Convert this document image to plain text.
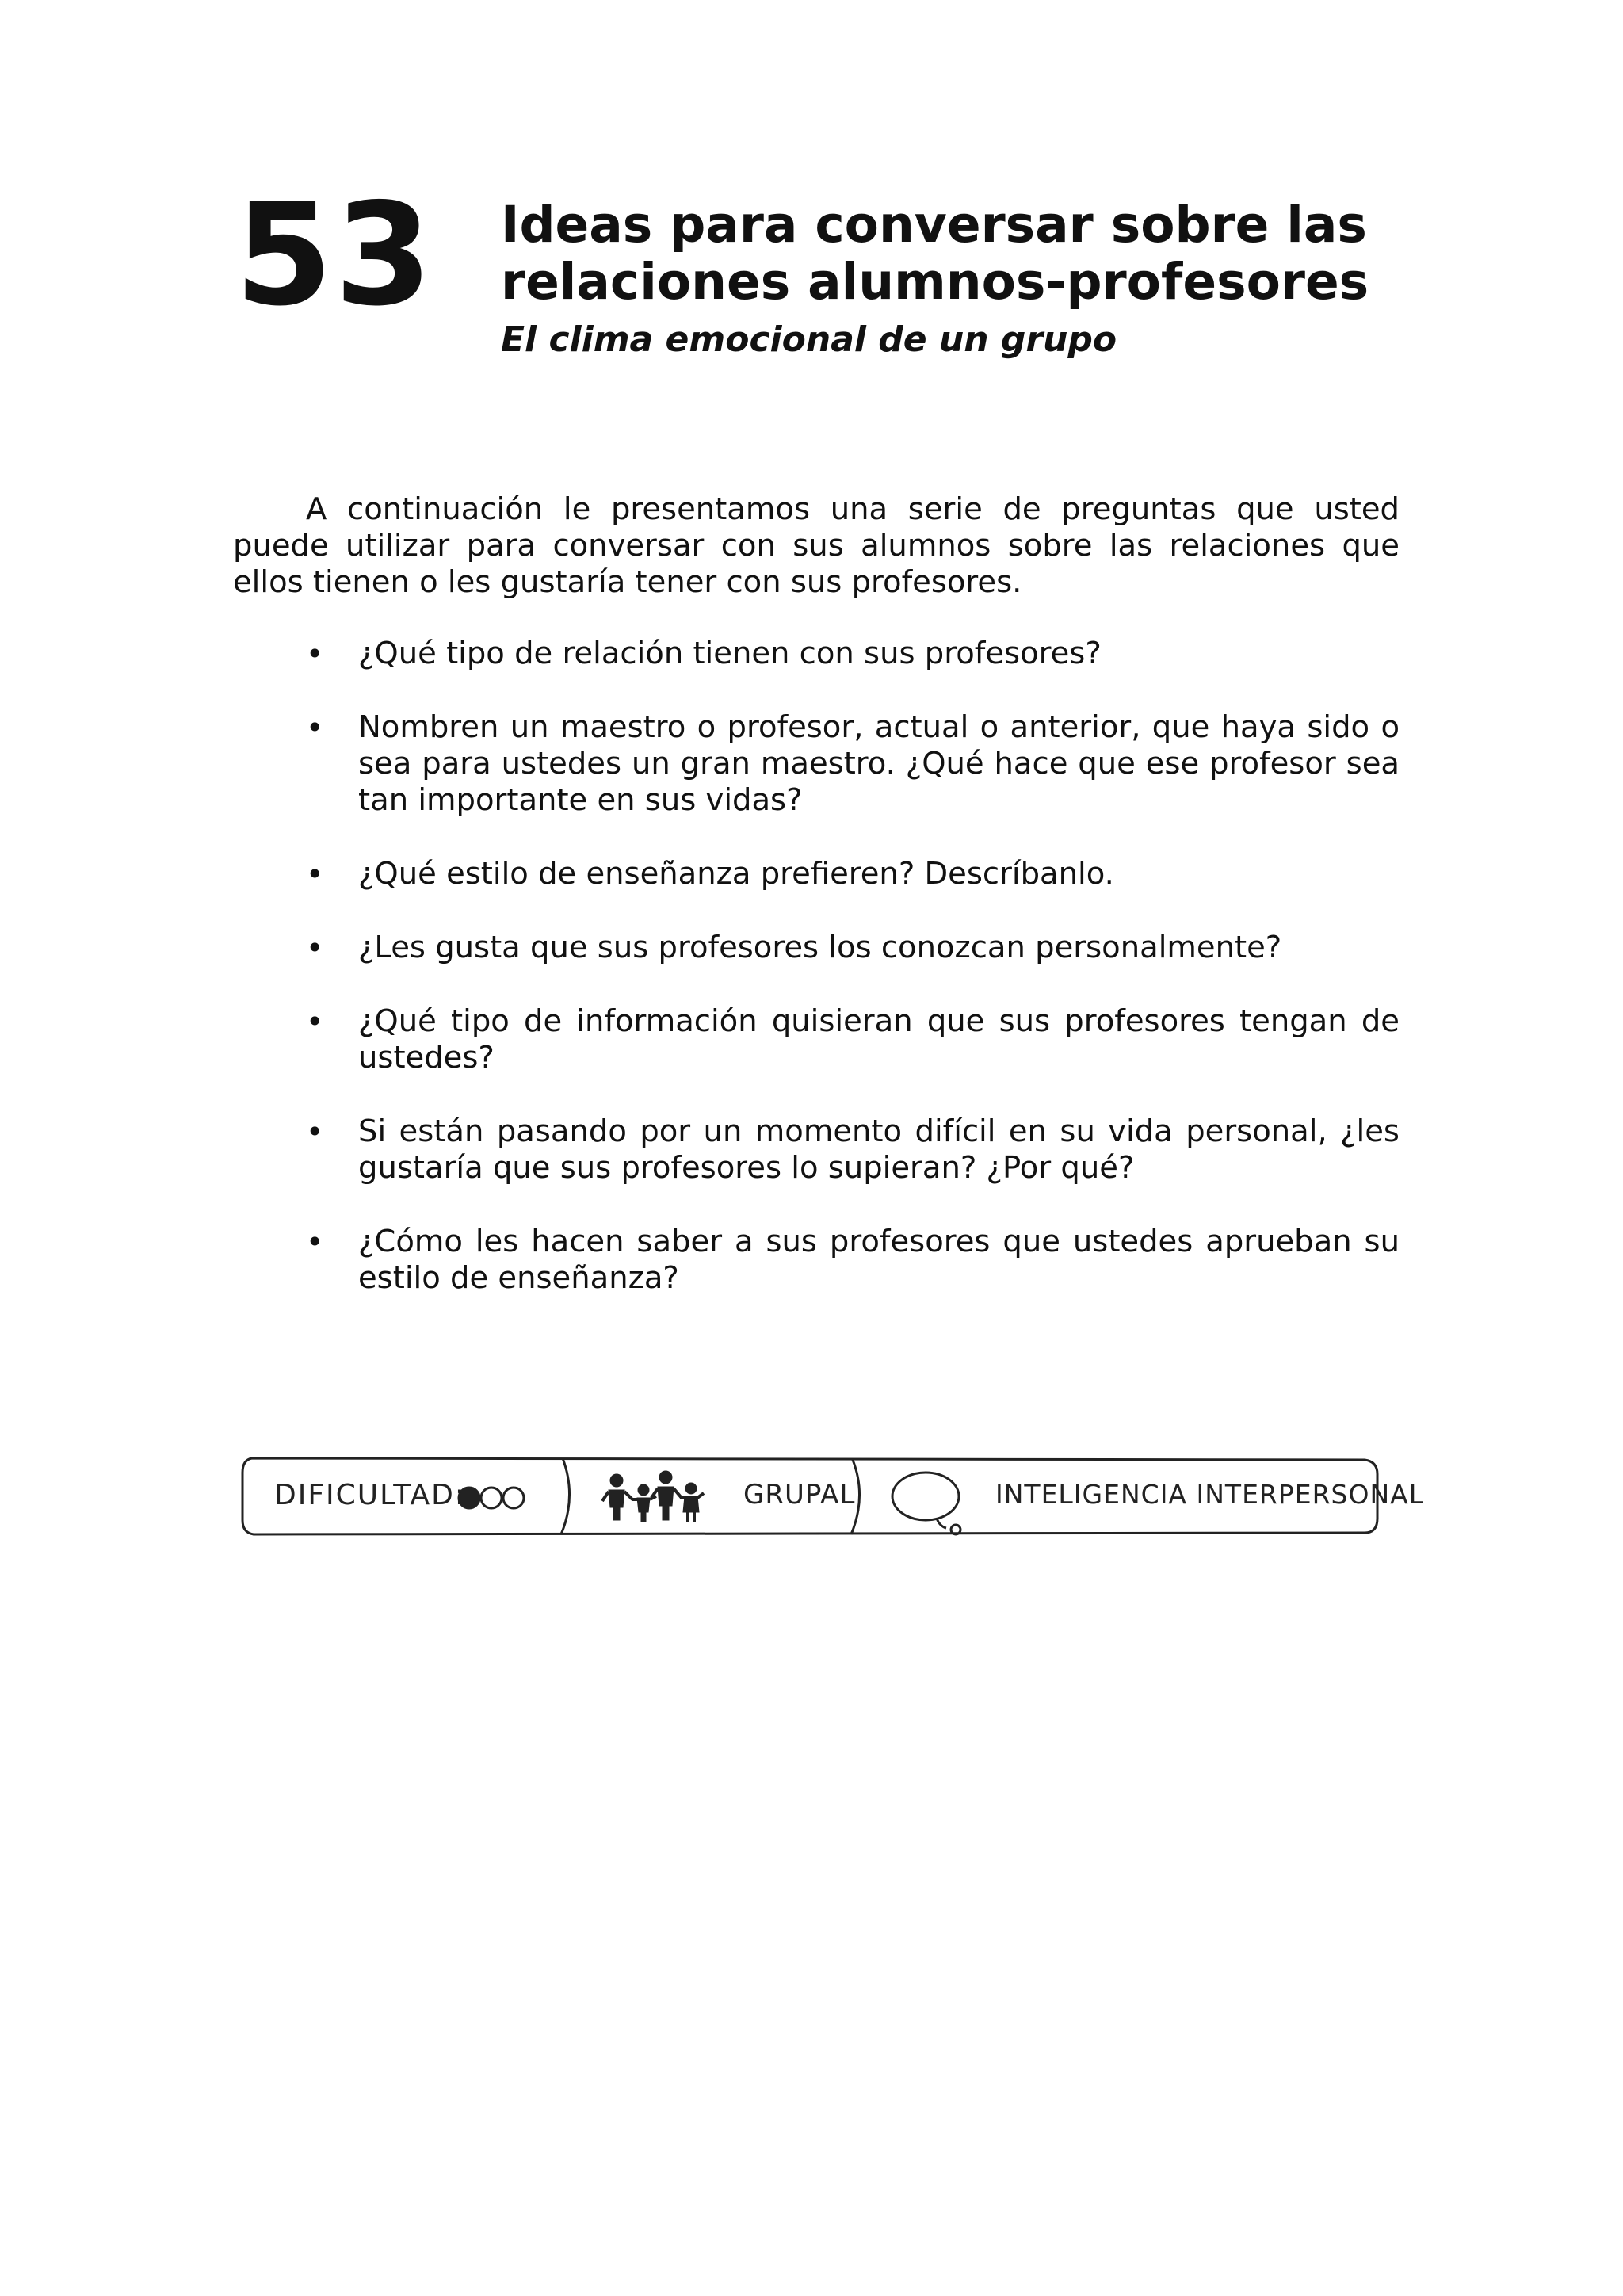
53 Ideas para conversar sobre las
relaciones alumnos-profesores
El clima emocional de un grupo

A continuación le presentamos una serie de preguntas que usted puede utilizar para conversar con sus alumnos sobre las relaciones que ellos tienen o les gustaría tener con sus profesores.

•	¿Qué tipo de relación tienen con sus profesores?
•	Nombren un maestro o profesor, actual o anterior, que haya sido o sea para ustedes un gran maestro. ¿Qué hace que ese profesor sea tan importante en sus vidas?
•	¿Qué estilo de enseñanza prefieren? Descríbanlo.
•	¿Les gusta que sus profesores los conozcan personalmente?
•	¿Qué tipo de información quisieran que sus profesores tengan de ustedes?
•	Si están pasando por un momento difícil en su vida personal, ¿les gustaría que sus profesores lo supieran? ¿Por qué?
•	¿Cómo les hacen saber a sus profesores que ustedes aprueban su estilo de enseñanza?
DIFICULTAD:	GRUPAL	INTELIGENCIA INTERPERSONAL
